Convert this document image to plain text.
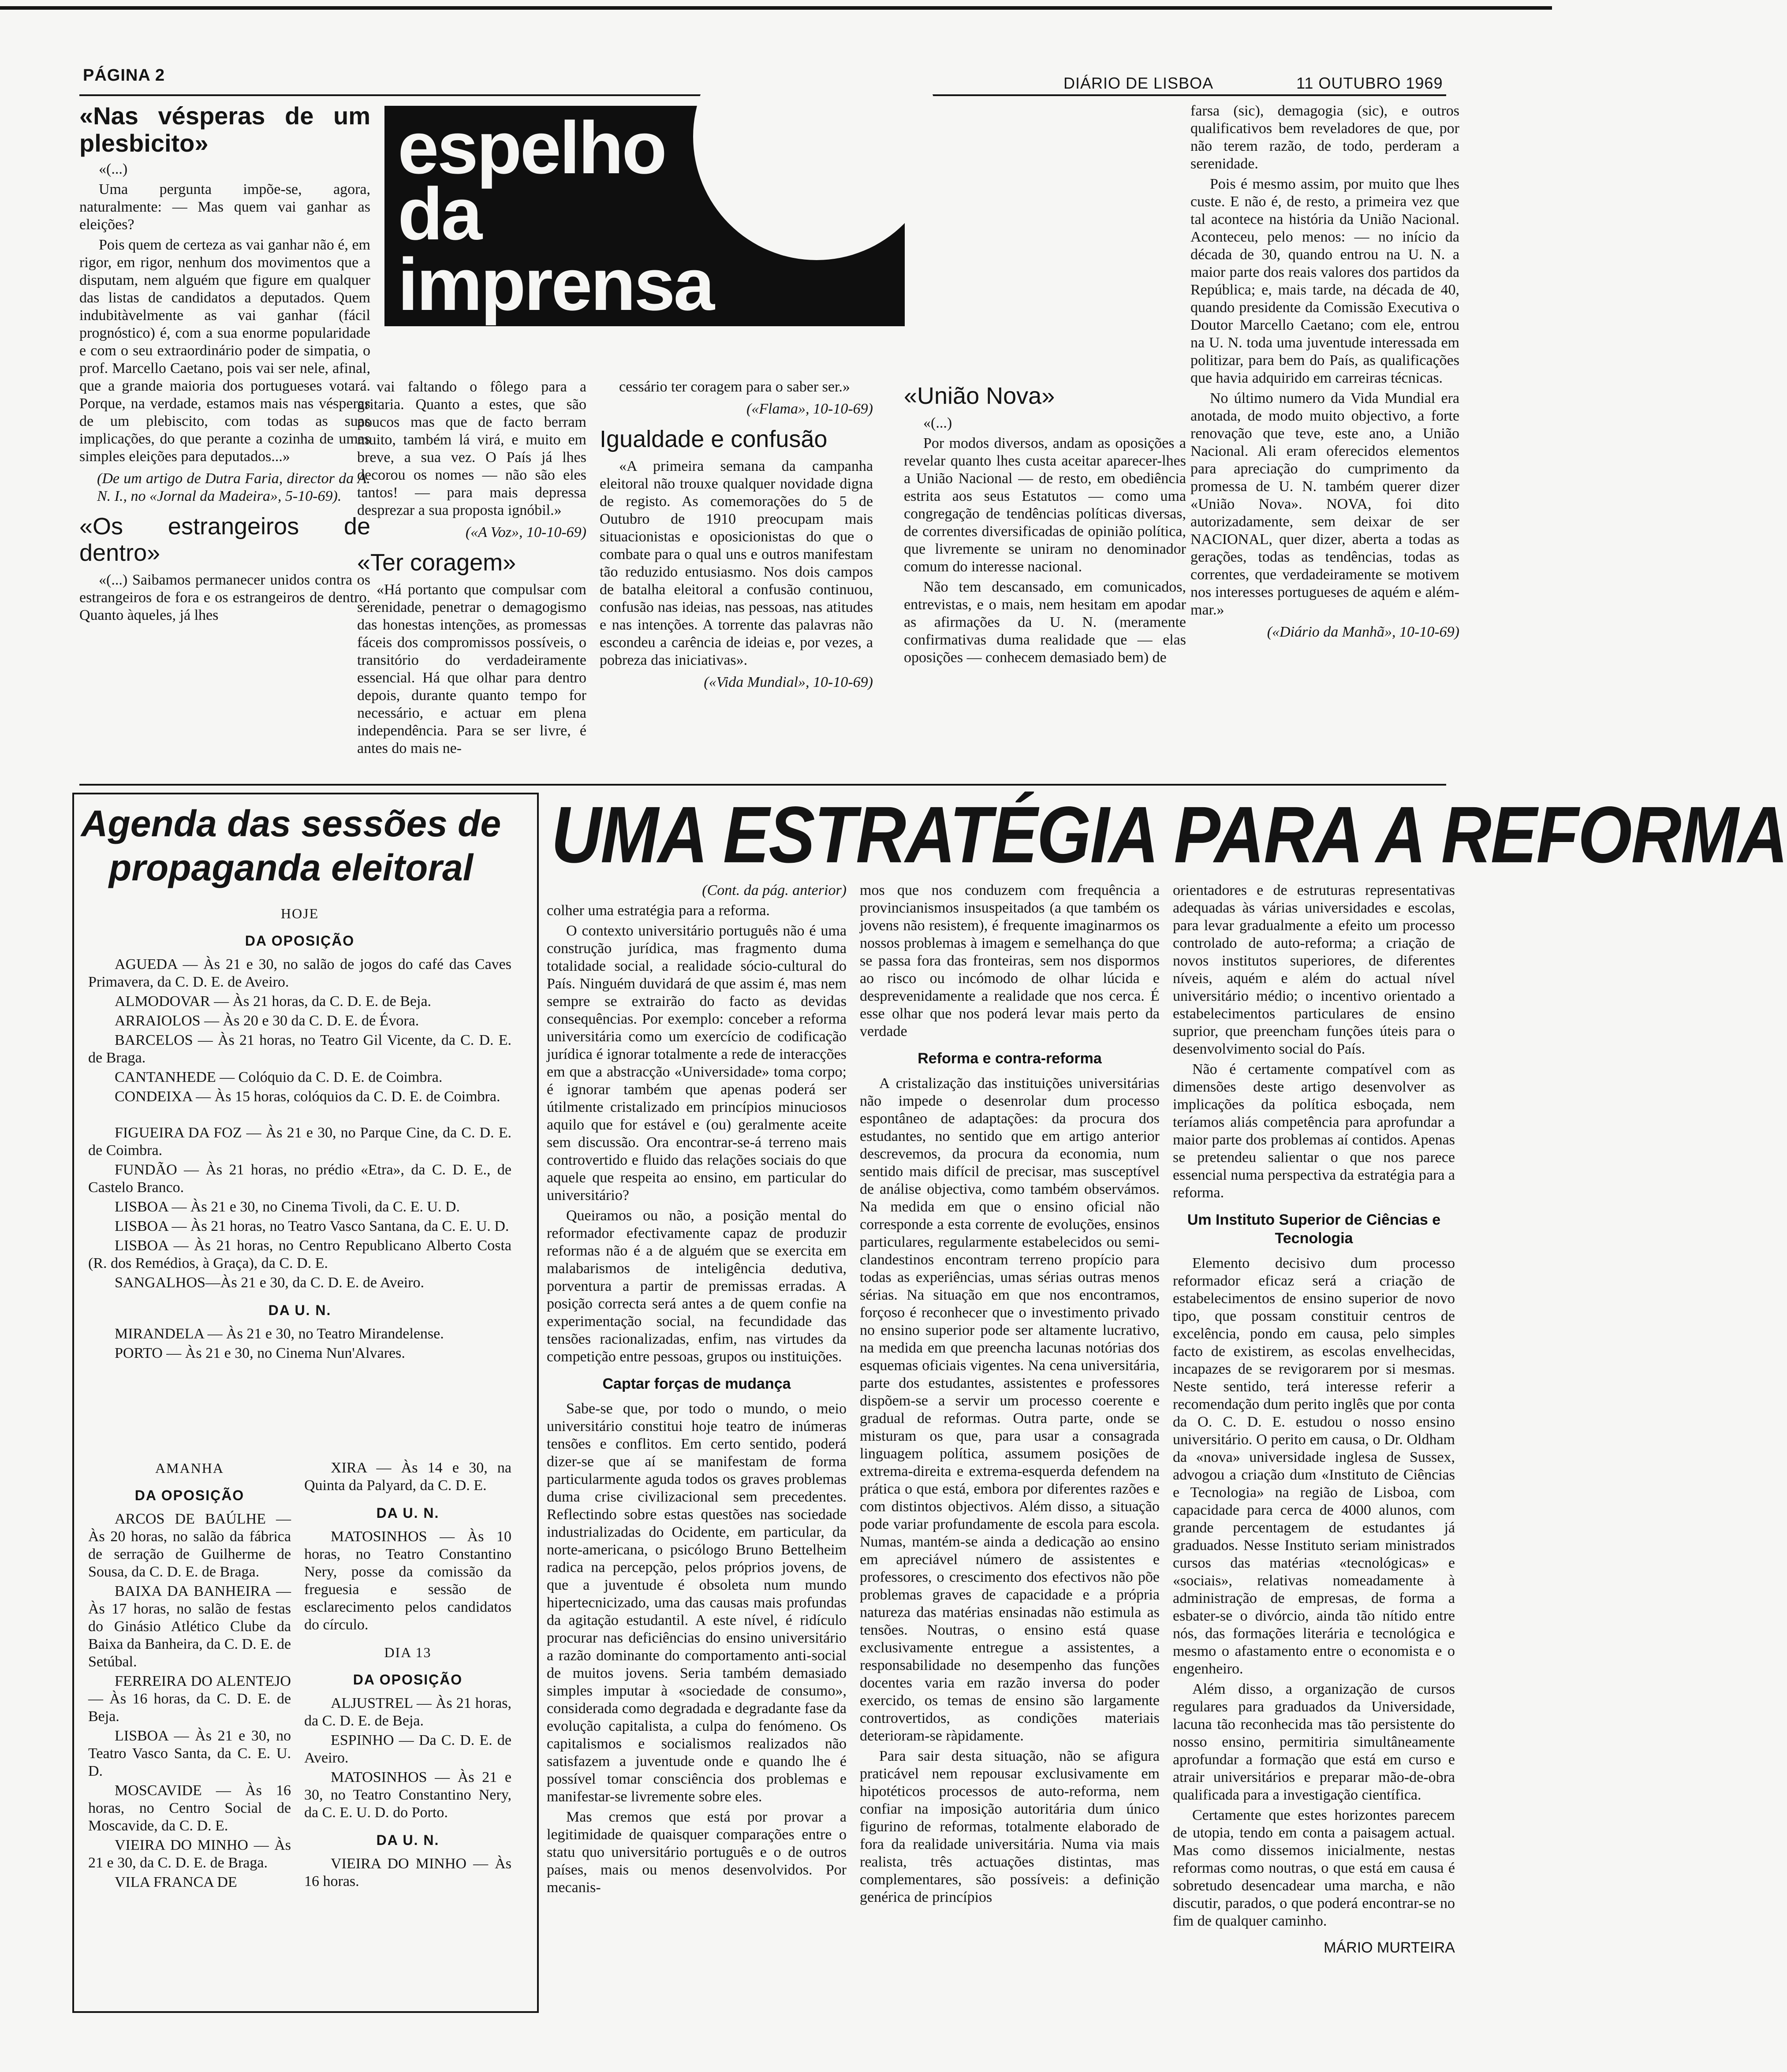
PÁGINA 2	DIÁRIO DE LISBOA	11 OUTUBRO 1969
espelho
da
imprensa
«Nas vésperas de um plesbicito»

«(...)

Uma pergunta impõe-se, agora, naturalmente: — Mas quem vai ganhar as eleições?

Pois quem de certeza as vai ganhar não é, em rigor, em rigor, nenhum dos movimentos que a disputam, nem alguém que figure em qualquer das listas de candidatos a deputados. Quem indubitàvelmente as vai ganhar (fácil prognóstico) é, com a sua enorme popularidade e com o seu extraordinário poder de simpatia, o prof. Marcello Caetano, pois vai ser nele, afinal, que a grande maioria dos portugueses votará. Porque, na verdade, estamos mais nas vésperas de um plebiscito, com todas as suas implicações, do que perante a cozinha de umas simples eleições para deputados...»

(De um artigo de Dutra Faria, director da A. N. I., no «Jornal da Madeira», 5-10-69).

«Os estrangeiros de dentro»

«(...) Saibamos permanecer unidos contra os estrangeiros de fora e os estrangeiros de dentro. Quanto àqueles, já lhes

vai faltando o fôlego para a gritaria. Quanto a estes, que são poucos mas que de facto berram muito, também lá virá, e muito em breve, a sua vez. O País já lhes decorou os nomes — não são eles tantos! — para mais depressa desprezar a sua proposta ignóbil.»

(«A Voz», 10-10-69)

«Ter coragem»

«Há portanto que compulsar com serenidade, penetrar o demagogismo das honestas intenções, as promessas fáceis dos compromissos possíveis, o transitório do verdadeiramente essencial. Há que olhar para dentro depois, durante quanto tempo for necessário, e actuar em plena independência. Para se ser livre, é antes do mais ne-

cessário ter coragem para o saber ser.»

(«Flama», 10-10-69)

Igualdade e confusão

«A primeira semana da campanha eleitoral não trouxe qualquer novidade digna de registo. As comemorações do 5 de Outubro de 1910 preocupam mais situacionistas e oposicionistas do que o combate para o qual uns e outros manifestam tão reduzido entusiasmo. Nos dois campos de batalha eleitoral a confusão continuou, confusão nas ideias, nas pessoas, nas atitudes e nas intenções. A torrente das palavras não escondeu a carência de ideias e, por vezes, a pobreza das iniciativas».

(«Vida Mundial», 10-10-69)

«União Nova»

«(...)

Por modos diversos, andam as oposições a revelar quanto lhes custa aceitar aparecer-lhes a União Nacional — de resto, em obediência estrita aos seus Estatutos — como uma congregação de tendências políticas diversas, de correntes diversificadas de opinião política, que livremente se uniram no denominador comum do interesse nacional.

Não tem descansado, em comunicados, entrevistas, e o mais, nem hesitam em apodar as afirmações da U. N. (meramente confirmativas duma realidade que — elas oposições — conhecem demasiado bem) de

farsa (sic), demagogia (sic), e outros qualificativos bem reveladores de que, por não terem razão, de todo, perderam a serenidade.

Pois é mesmo assim, por muito que lhes custe. E não é, de resto, a primeira vez que tal acontece na história da União Nacional. Aconteceu, pelo menos: — no início da década de 30, quando entrou na U. N. a maior parte dos reais valores dos partidos da República; e, mais tarde, na década de 40, quando presidente da Comissão Executiva o Doutor Marcello Caetano; com ele, entrou na U. N. toda uma juventude interessada em politizar, para bem do País, as qualificações que havia adquirido em carreiras técnicas.

No último numero da Vida Mundial era anotada, de modo muito objectivo, a forte renovação que teve, este ano, a União Nacional. Ali eram oferecidos elementos para apreciação do cumprimento da promessa de U. N. também querer dizer «União Nova». NOVA, foi dito autorizadamente, sem deixar de ser NACIONAL, quer dizer, aberta a todas as gerações, todas as tendências, todas as correntes, que verdadeiramente se motivem nos interesses portugueses de aquém e além-mar.»

(«Diário da Manhã», 10-10-69)

Agenda das sessões de propaganda eleitoral
HOJE
DA OPOSIÇÃO

AGUEDA — Às 21 e 30, no salão de jogos do café das Caves Primavera, da C. D. E. de Aveiro.

ALMODOVAR — Às 21 horas, da C. D. E. de Beja.

ARRAIOLOS — Às 20 e 30 da C. D. E. de Évora.

BARCELOS — Às 21 horas, no Teatro Gil Vicente, da C. D. E. de Braga.

CANTANHEDE — Colóquio da C. D. E. de Coimbra.

CONDEIXA — Às 15 horas, colóquios da C. D. E. de Coimbra.

FIGUEIRA DA FOZ — Às 21 e 30, no Parque Cine, da C. D. E. de Coimbra.

FUNDÃO — Às 21 horas, no prédio «Etra», da C. D. E., de Castelo Branco.

LISBOA — Às 21 e 30, no Cinema Tivoli, da C. E. U. D.

LISBOA — Às 21 horas, no Teatro Vasco Santana, da C. E. U. D.

LISBOA — Às 21 horas, no Centro Republicano Alberto Costa (R. dos Remédios, à Graça), da C. D. E.

SANGALHOS—Às 21 e 30, da C. D. E. de Aveiro.

DA U. N.

MIRANDELA — Às 21 e 30, no Teatro Mirandelense.

PORTO — Às 21 e 30, no Cinema Nun'Alvares.

AMANHA
DA OPOSIÇÃO

ARCOS DE BAÚLHE — Às 20 horas, no salão da fábrica de serração de Guilherme de Sousa, da C. D. E. de Braga.

BAIXA DA BANHEIRA — Às 17 horas, no salão de festas do Ginásio Atlético Clube da Baixa da Banheira, da C. D. E. de Setúbal.

FERREIRA DO ALENTEJO — Às 16 horas, da C. D. E. de Beja.

LISBOA — Às 21 e 30, no Teatro Vasco Santa, da C. E. U. D.

MOSCAVIDE — Às 16 horas, no Centro Social de Moscavide, da C. D. E.

VIEIRA DO MINHO — Às 21 e 30, da C. D. E. de Braga.

VILA FRANCA DE

XIRA — Às 14 e 30, na Quinta da Palyard, da C. D. E.

DA U. N.

MATOSINHOS — Às 10 horas, no Teatro Constantino Nery, posse da comissão da freguesia e sessão de esclarecimento pelos candidatos do círculo.

DIA 13
DA OPOSIÇÃO

ALJUSTREL — Às 21 horas, da C. D. E. de Beja.

ESPINHO — Da C. D. E. de Aveiro.

MATOSINHOS — Às 21 e 30, no Teatro Constantino Nery, da C. E. U. D. do Porto.

DA U. N.

VIEIRA DO MINHO — Às 16 horas.

UMA ESTRATÉGIA PARA A REFORMA

(Cont. da pág. anterior)

colher uma estratégia para a reforma.

O contexto universitário português não é uma construção jurídica, mas fragmento duma totalidade social, a realidade sócio-cultural do País. Ninguém duvidará de que assim é, mas nem sempre se extrairão do facto as devidas consequências. Por exemplo: conceber a reforma universitária como um exercício de codificação jurídica é ignorar totalmente a rede de interacções em que a abstracção «Universidade» toma corpo; é ignorar também que apenas poderá ser útilmente cristalizado em princípios minuciosos aquilo que for estável e (ou) geralmente aceite sem discussão. Ora encontrar-se-á terreno mais controvertido e fluido das relações sociais do que aquele que respeita ao ensino, em particular do universitário?

Queiramos ou não, a posição mental do reformador efectivamente capaz de produzir reformas não é a de alguém que se exercita em malabarismos de inteligência dedutiva, porventura a partir de premissas erradas. A posição correcta será antes a de quem confie na experimentação social, na fecundidade das tensões racionalizadas, enfim, nas virtudes da competição entre pessoas, grupos ou instituições.

Captar forças de mudança

Sabe-se que, por todo o mundo, o meio universitário constitui hoje teatro de inúmeras tensões e conflitos. Em certo sentido, poderá dizer-se que aí se manifestam de forma particularmente aguda todos os graves problemas duma crise civilizacional sem precedentes. Reflectindo sobre estas questões nas sociedade industrializadas do Ocidente, em particular, da norte-americana, o psicólogo Bruno Bettelheim radica na percepção, pelos próprios jovens, de que a juventude é obsoleta num mundo hipertecnicizado, uma das causas mais profundas da agitação estudantil. A este nível, é ridículo procurar nas deficiências do ensino universitário a razão dominante do comportamento anti-social de muitos jovens. Seria também demasiado simples imputar à «sociedade de consumo», considerada como degradada e degradante fase da evolução capitalista, a culpa do fenómeno. Os capitalismos e socialismos realizados não satisfazem a juventude onde e quando lhe é possível tomar consciência dos problemas e manifestar-se livremente sobre eles.

Mas cremos que está por provar a legitimidade de quaisquer comparações entre o statu quo universitário português e o de outros países, mais ou menos desenvolvidos. Por mecanis-

mos que nos conduzem com frequência a provincianismos insuspeitados (a que também os jovens não resistem), é frequente imaginarmos os nossos problemas à imagem e semelhança do que se passa fora das fronteiras, sem nos dispormos ao risco ou incómodo de olhar lúcida e desprevenidamente a realidade que nos cerca. É esse olhar que nos poderá levar mais perto da verdade

Reforma e contra-reforma

A cristalização das instituições universitárias não impede o desenrolar dum processo espontâneo de adaptações: da procura dos estudantes, no sentido que em artigo anterior descrevemos, da procura da economia, num sentido mais difícil de precisar, mas susceptível de análise objectiva, como também observámos. Na medida em que o ensino oficial não corresponde a esta corrente de evoluções, ensinos particulares, regularmente estabelecidos ou semi-clandestinos encontram terreno propício para todas as experiências, umas sérias outras menos sérias. Na situação em que nos encontramos, forçoso é reconhecer que o investimento privado no ensino superior pode ser altamente lucrativo, na medida em que preencha lacunas notórias dos esquemas oficiais vigentes. Na cena universitária, parte dos estudantes, assistentes e professores dispõem-se a servir um processo coerente e gradual de reformas. Outra parte, onde se misturam os que, para usar a consagrada linguagem política, assumem posições de extrema-direita e extrema-esquerda defendem na prática o que está, embora por diferentes razões e com distintos objectivos. Além disso, a situação pode variar profundamente de escola para escola. Numas, mantém-se ainda a dedicação ao ensino em apreciável número de assistentes e professores, o crescimento dos efectivos não põe problemas graves de capacidade e a própria natureza das matérias ensinadas não estimula as tensões. Noutras, o ensino está quase exclusivamente entregue a assistentes, a responsabilidade no desempenho das funções docentes varia em razão inversa do poder exercido, os temas de ensino são largamente controvertidos, as condições materiais deterioram-se ràpidamente.

Para sair desta situação, não se afigura praticável nem repousar exclusivamente em hipotéticos processos de auto-reforma, nem confiar na imposição autoritária dum único figurino de reformas, totalmente elaborado de fora da realidade universitária. Numa via mais realista, três actuações distintas, mas complementares, são possíveis: a definição genérica de princípios

orientadores e de estruturas representativas adequadas às várias universidades e escolas, para levar gradualmente a efeito um processo controlado de auto-reforma; a criação de novos institutos superiores, de diferentes níveis, aquém e além do actual nível universitário médio; o incentivo orientado a estabelecimentos particulares de ensino suprior, que preencham funções úteis para o desenvolvimento social do País.

Não é certamente compatível com as dimensões deste artigo desenvolver as implicações da política esboçada, nem teríamos aliás competência para aprofundar a maior parte dos problemas aí contidos. Apenas se pretendeu salientar o que nos parece essencial numa perspectiva da estratégia para a reforma.

Um Instituto Superior de Ciências e Tecnologia

Elemento decisivo dum processo reformador eficaz será a criação de estabelecimentos de ensino superior de novo tipo, que possam constituir centros de excelência, pondo em causa, pelo simples facto de existirem, as escolas envelhecidas, incapazes de se revigorarem por si mesmas. Neste sentido, terá interesse referir a recomendação dum perito inglês que por conta da O. C. D. E. estudou o nosso ensino universitário. O perito em causa, o Dr. Oldham da «nova» universidade inglesa de Sussex, advogou a criação dum «Instituto de Ciências e Tecnologia» na região de Lisboa, com capacidade para cerca de 4000 alunos, com grande percentagem de estudantes já graduados. Nesse Instituto seriam ministrados cursos das matérias «tecnológicas» e «sociais», relativas nomeadamente à administração de empresas, de forma a esbater-se o divórcio, ainda tão nítido entre nós, das formações literária e tecnológica e mesmo o afastamento entre o economista e o engenheiro.

Além disso, a organização de cursos regulares para graduados da Universidade, lacuna tão reconhecida mas tão persistente do nosso ensino, permitiria simultâneamente aprofundar a formação que está em curso e atrair universitários e preparar mão-de-obra qualificada para a investigação científica.

Certamente que estes horizontes parecem de utopia, tendo em conta a paisagem actual. Mas como dissemos inicialmente, nestas reformas como noutras, o que está em causa é sobretudo desencadear uma marcha, e não discutir, parados, o que poderá encontrar-se no fim de qualquer caminho.

MÁRIO MURTEIRA
